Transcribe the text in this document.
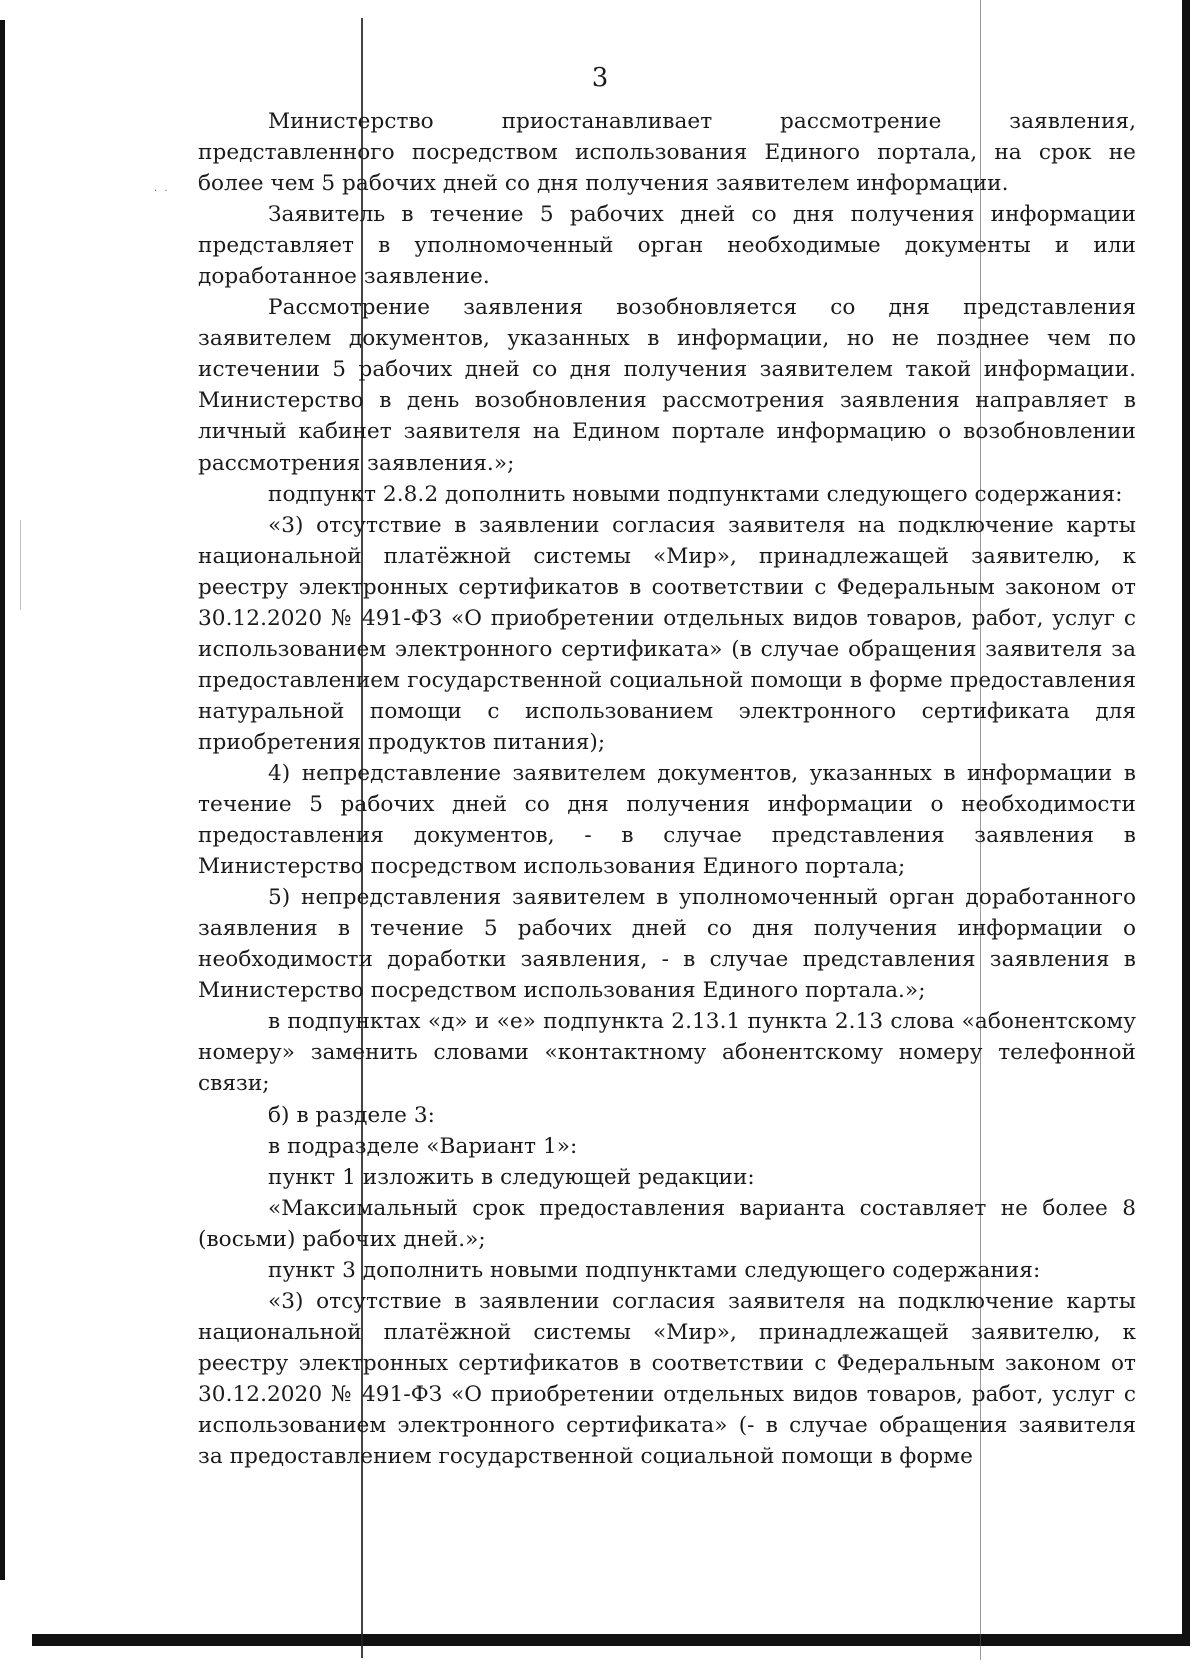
· ·
3

Министерство приостанавливает рассмотрение заявления, представленного посредством использования Единого портала, на срок не более чем 5 рабочих дней со дня получения заявителем информации.

Заявитель в течение 5 рабочих дней со дня получения информации представляет в уполномоченный орган необходимые документы и или доработанное заявление.

Рассмотрение заявления возобновляется со дня представления заявителем документов, указанных в информации, но не позднее чем по истечении 5 рабочих дней со дня получения заявителем такой информации. Министерство в день возобновления рассмотрения заявления направляет в личный кабинет заявителя на Едином портале информацию о возобновлении рассмотрения заявления.»;

подпункт 2.8.2 дополнить новыми подпунктами следующего содержания:

«3) отсутствие в заявлении согласия заявителя на подключение карты национальной платёжной системы «Мир», принадлежащей заявителю, к реестру электронных сертификатов в соответствии с Федеральным законом от 30.12.2020 № 491-ФЗ «О приобретении отдельных видов товаров, работ, услуг с использованием электронного сертификата» (в случае обращения заявителя за предоставлением государственной социальной помощи в форме предоставления натуральной помощи с использованием электронного сертификата для приобретения продуктов питания);

4) непредставление заявителем документов, указанных в информации в течение 5 рабочих дней со дня получения информации о необходимости предоставления документов, - в случае представления заявления в Министерство посредством использования Единого портала;

5) непредставления заявителем в уполномоченный орган доработанного заявления в течение 5 рабочих дней со дня получения информации о необходимости доработки заявления, - в случае представления заявления в Министерство посредством использования Единого портала.»;

в подпунктах «д» и «е» подпункта 2.13.1 пункта 2.13 слова «абонентскому номеру» заменить словами «контактному абонентскому номеру телефонной связи;

б) в разделе 3:

в подразделе «Вариант 1»:

пункт 1 изложить в следующей редакции:

«Максимальный срок предоставления варианта составляет не более 8 (восьми) рабочих дней.»;

пункт 3 дополнить новыми подпунктами следующего содержания:

«3) отсутствие в заявлении согласия заявителя на подключение карты национальной платёжной системы «Мир», принадлежащей заявителю, к реестру электронных сертификатов в соответствии с Федеральным законом от 30.12.2020 № 491-ФЗ «О приобретении отдельных видов товаров, работ, услуг с использованием электронного сертификата» (- в случае обращения заявителя за предоставлением государственной социальной помощи в форме
